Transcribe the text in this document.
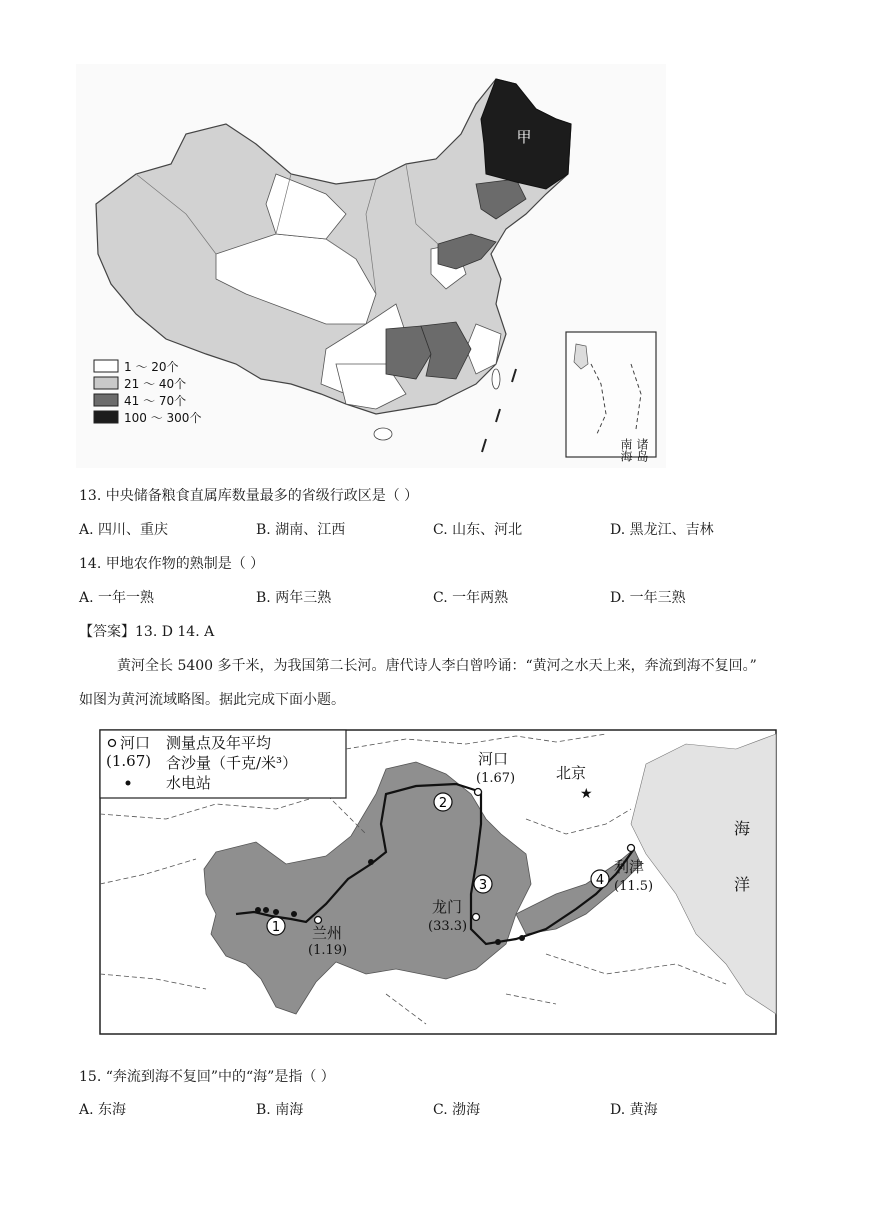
甲
南海 诸岛
1 ～ 20个
21 ～ 40个
41 ～ 70个
100 ～ 300个
13. 中央储备粮食直属库数量最多的省级行政区是（ ）
A. 四川、重庆	B. 湖南、江西	C. 山东、河北	D. 黑龙江、吉林
14. 甲地农作物的熟制是（ ）
A. 一年一熟	B. 两年三熟	C. 一年两熟	D. 一年三熟
【答案】13. D 14. A
黄河全长 5400 多千米，为我国第二长河。唐代诗人李白曾吟诵：“黄河之水天上来，奔流到海不复回。”
如图为黄河流域略图。据此完成下面小题。
河口
(1.67)
测量点及年平均
含沙量（千克/米³）
水电站
1
2
3	4
河口
(1.67)	北京
★
海
洋
兰州
(1.19)
龙门
(33.3)
利津
(11.5)
15. “奔流到海不复回”中的“海”是指（ ）
A. 东海	B. 南海	C. 渤海	D. 黄海
